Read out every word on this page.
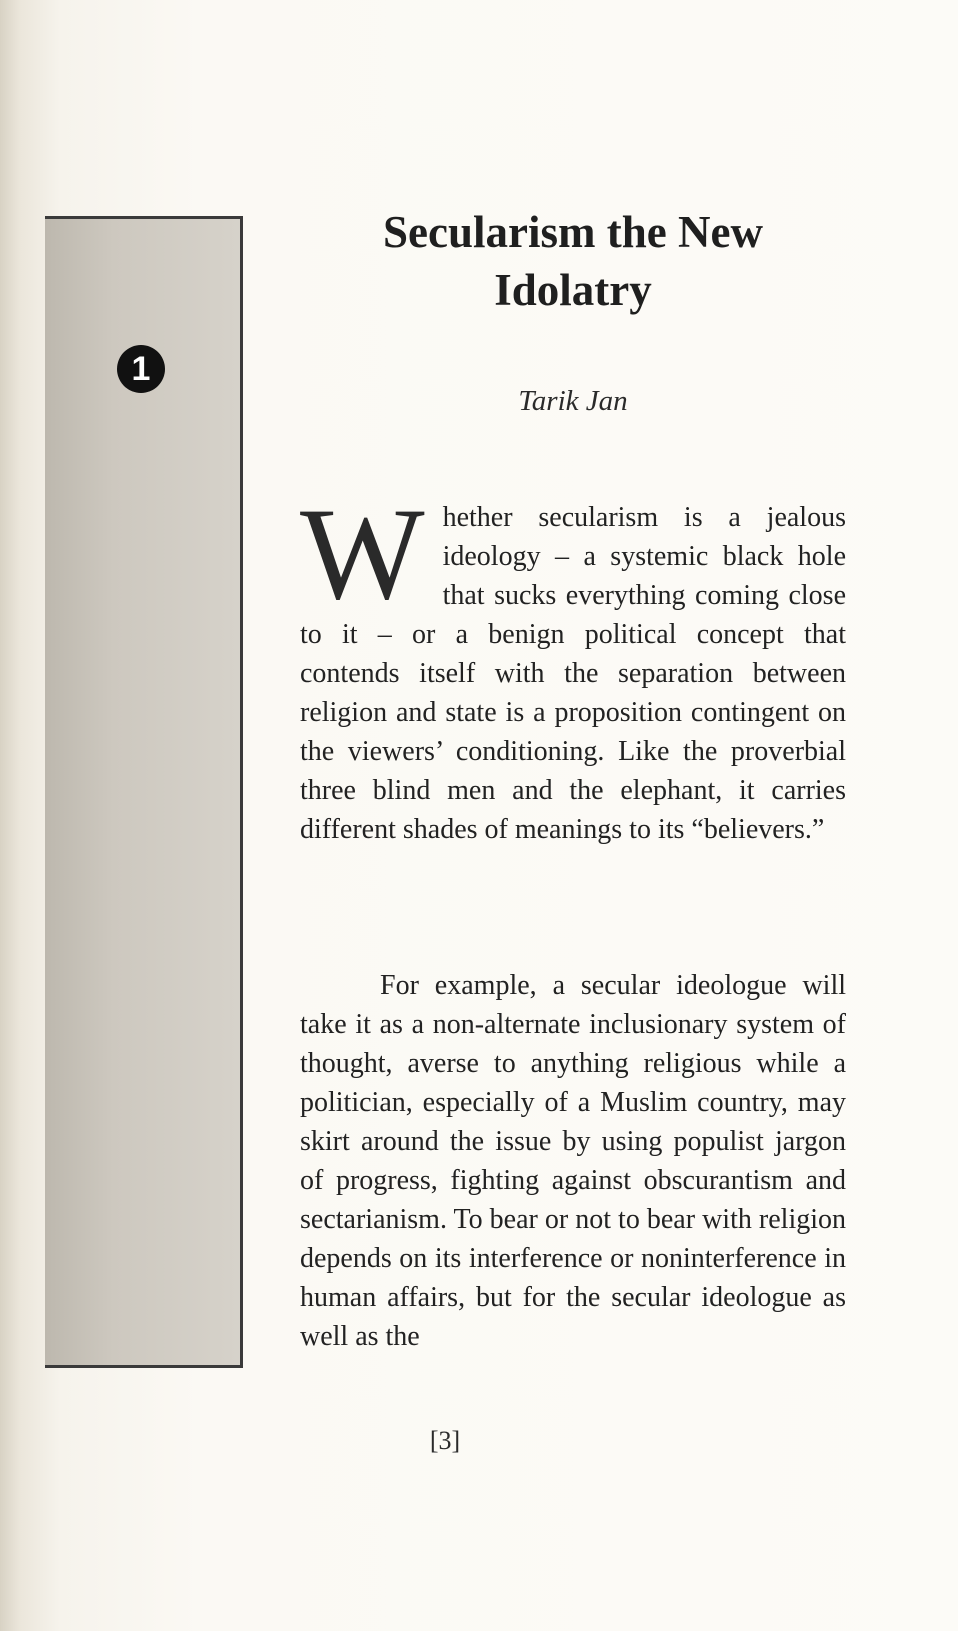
1
Secularism the New Idolatry
Tarik Jan

Whether secularism is a jealous ideology – a systemic black hole that sucks everything coming close to it – or a benign political concept that contends itself with the separation between religion and state is a proposition contingent on the viewers’ conditioning. Like the proverbial three blind men and the elephant, it carries different shades of meanings to its “believers.”

For example, a secular ideologue will take it as a non-alternate inclusionary system of thought, averse to anything religious while a politician, especially of a Muslim country, may skirt around the issue by using populist jargon of progress, fighting against obscurantism and sectarianism. To bear or not to bear with religion depends on its interference or noninterference in human affairs, but for the secular ideologue as well as the

[3]
